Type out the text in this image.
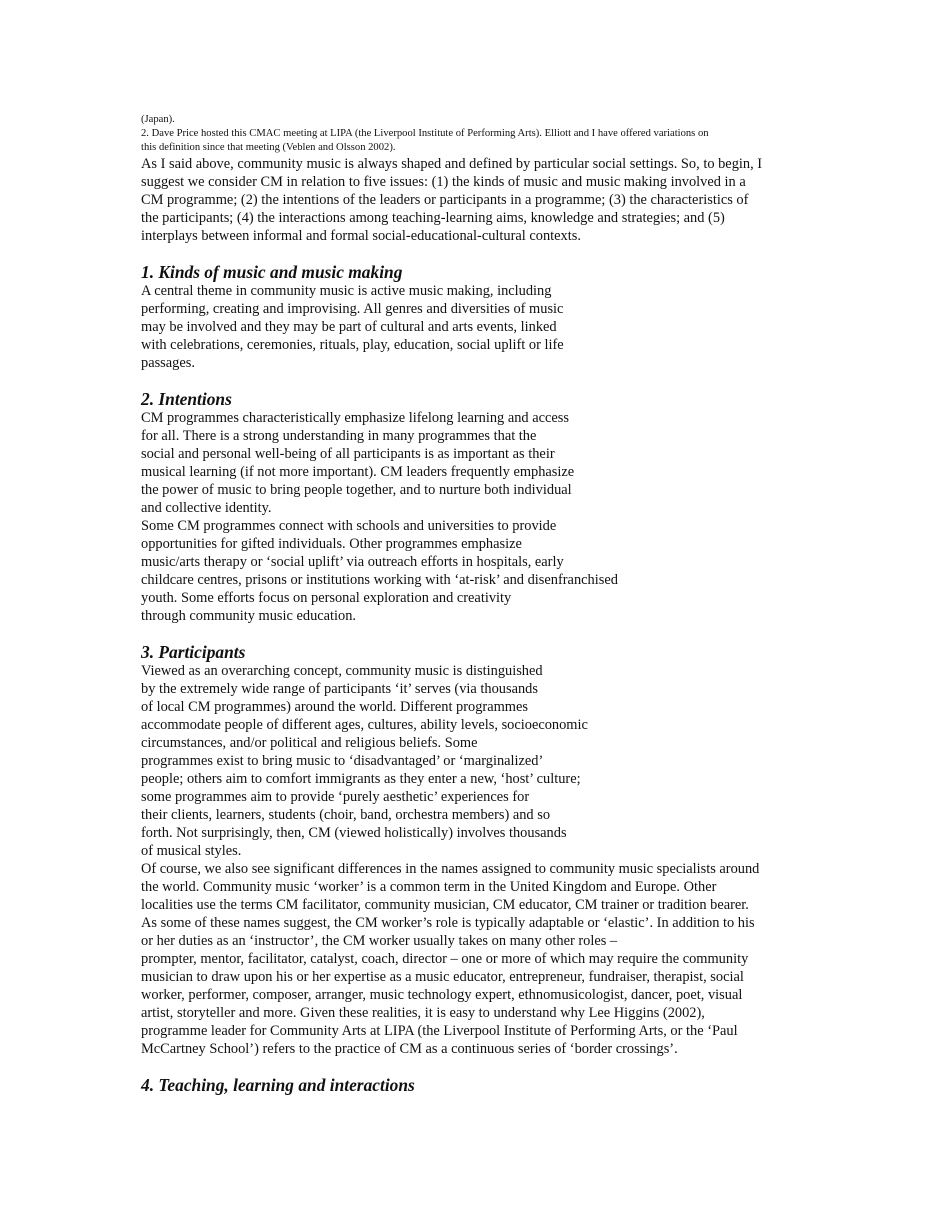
(Japan).
2. Dave Price hosted this CMAC meeting at LIPA (the Liverpool Institute of Performing Arts). Elliott and I have offered variations on
this definition since that meeting (Veblen and Olsson 2002).
As I said above, community music is always shaped and defined by particular social settings. So, to begin, I
suggest we consider CM in relation to five issues: (1) the kinds of music and music making involved in a
CM programme; (2) the intentions of the leaders or participants in a programme; (3) the characteristics of
the participants; (4) the interactions among teaching-learning aims, knowledge and strategies; and (5)
interplays between informal and formal social-educational-cultural contexts.
1. Kinds of music and music making
A central theme in community music is active music making, including
performing, creating and improvising. All genres and diversities of music
may be involved and they may be part of cultural and arts events, linked
with celebrations, ceremonies, rituals, play, education, social uplift or life
passages.
2. Intentions
CM programmes characteristically emphasize lifelong learning and access
for all. There is a strong understanding in many programmes that the
social and personal well-being of all participants is as important as their
musical learning (if not more important). CM leaders frequently emphasize
the power of music to bring people together, and to nurture both individual
and collective identity.
Some CM programmes connect with schools and universities to provide
opportunities for gifted individuals. Other programmes emphasize
music/arts therapy or ‘social uplift’ via outreach efforts in hospitals, early
childcare centres, prisons or institutions working with ‘at-risk’ and disenfranchised
youth. Some efforts focus on personal exploration and creativity
through community music education.
3. Participants
Viewed as an overarching concept, community music is distinguished
by the extremely wide range of participants ‘it’ serves (via thousands
of local CM programmes) around the world. Different programmes
accommodate people of different ages, cultures, ability levels, socioeconomic
circumstances, and/or political and religious beliefs. Some
programmes exist to bring music to ‘disadvantaged’ or ‘marginalized’
people; others aim to comfort immigrants as they enter a new, ‘host’ culture;
some programmes aim to provide ‘purely aesthetic’ experiences for
their clients, learners, students (choir, band, orchestra members) and so
forth. Not surprisingly, then, CM (viewed holistically) involves thousands
of musical styles.
Of course, we also see significant differences in the names assigned to community music specialists around
the world. Community music ‘worker’ is a common term in the United Kingdom and Europe. Other
localities use the terms CM facilitator, community musician, CM educator, CM trainer or tradition bearer.
As some of these names suggest, the CM worker’s role is typically adaptable or ‘elastic’. In addition to his
or her duties as an ‘instructor’, the CM worker usually takes on many other roles –
prompter, mentor, facilitator, catalyst, coach, director – one or more of which may require the community
musician to draw upon his or her expertise as a music educator, entrepreneur, fundraiser, therapist, social
worker, performer, composer, arranger, music technology expert, ethnomusicologist, dancer, poet, visual
artist, storyteller and more. Given these realities, it is easy to understand why Lee Higgins (2002),
programme leader for Community Arts at LIPA (the Liverpool Institute of Performing Arts, or the ‘Paul
McCartney School’) refers to the practice of CM as a continuous series of ‘border crossings’.
4. Teaching, learning and interactions
